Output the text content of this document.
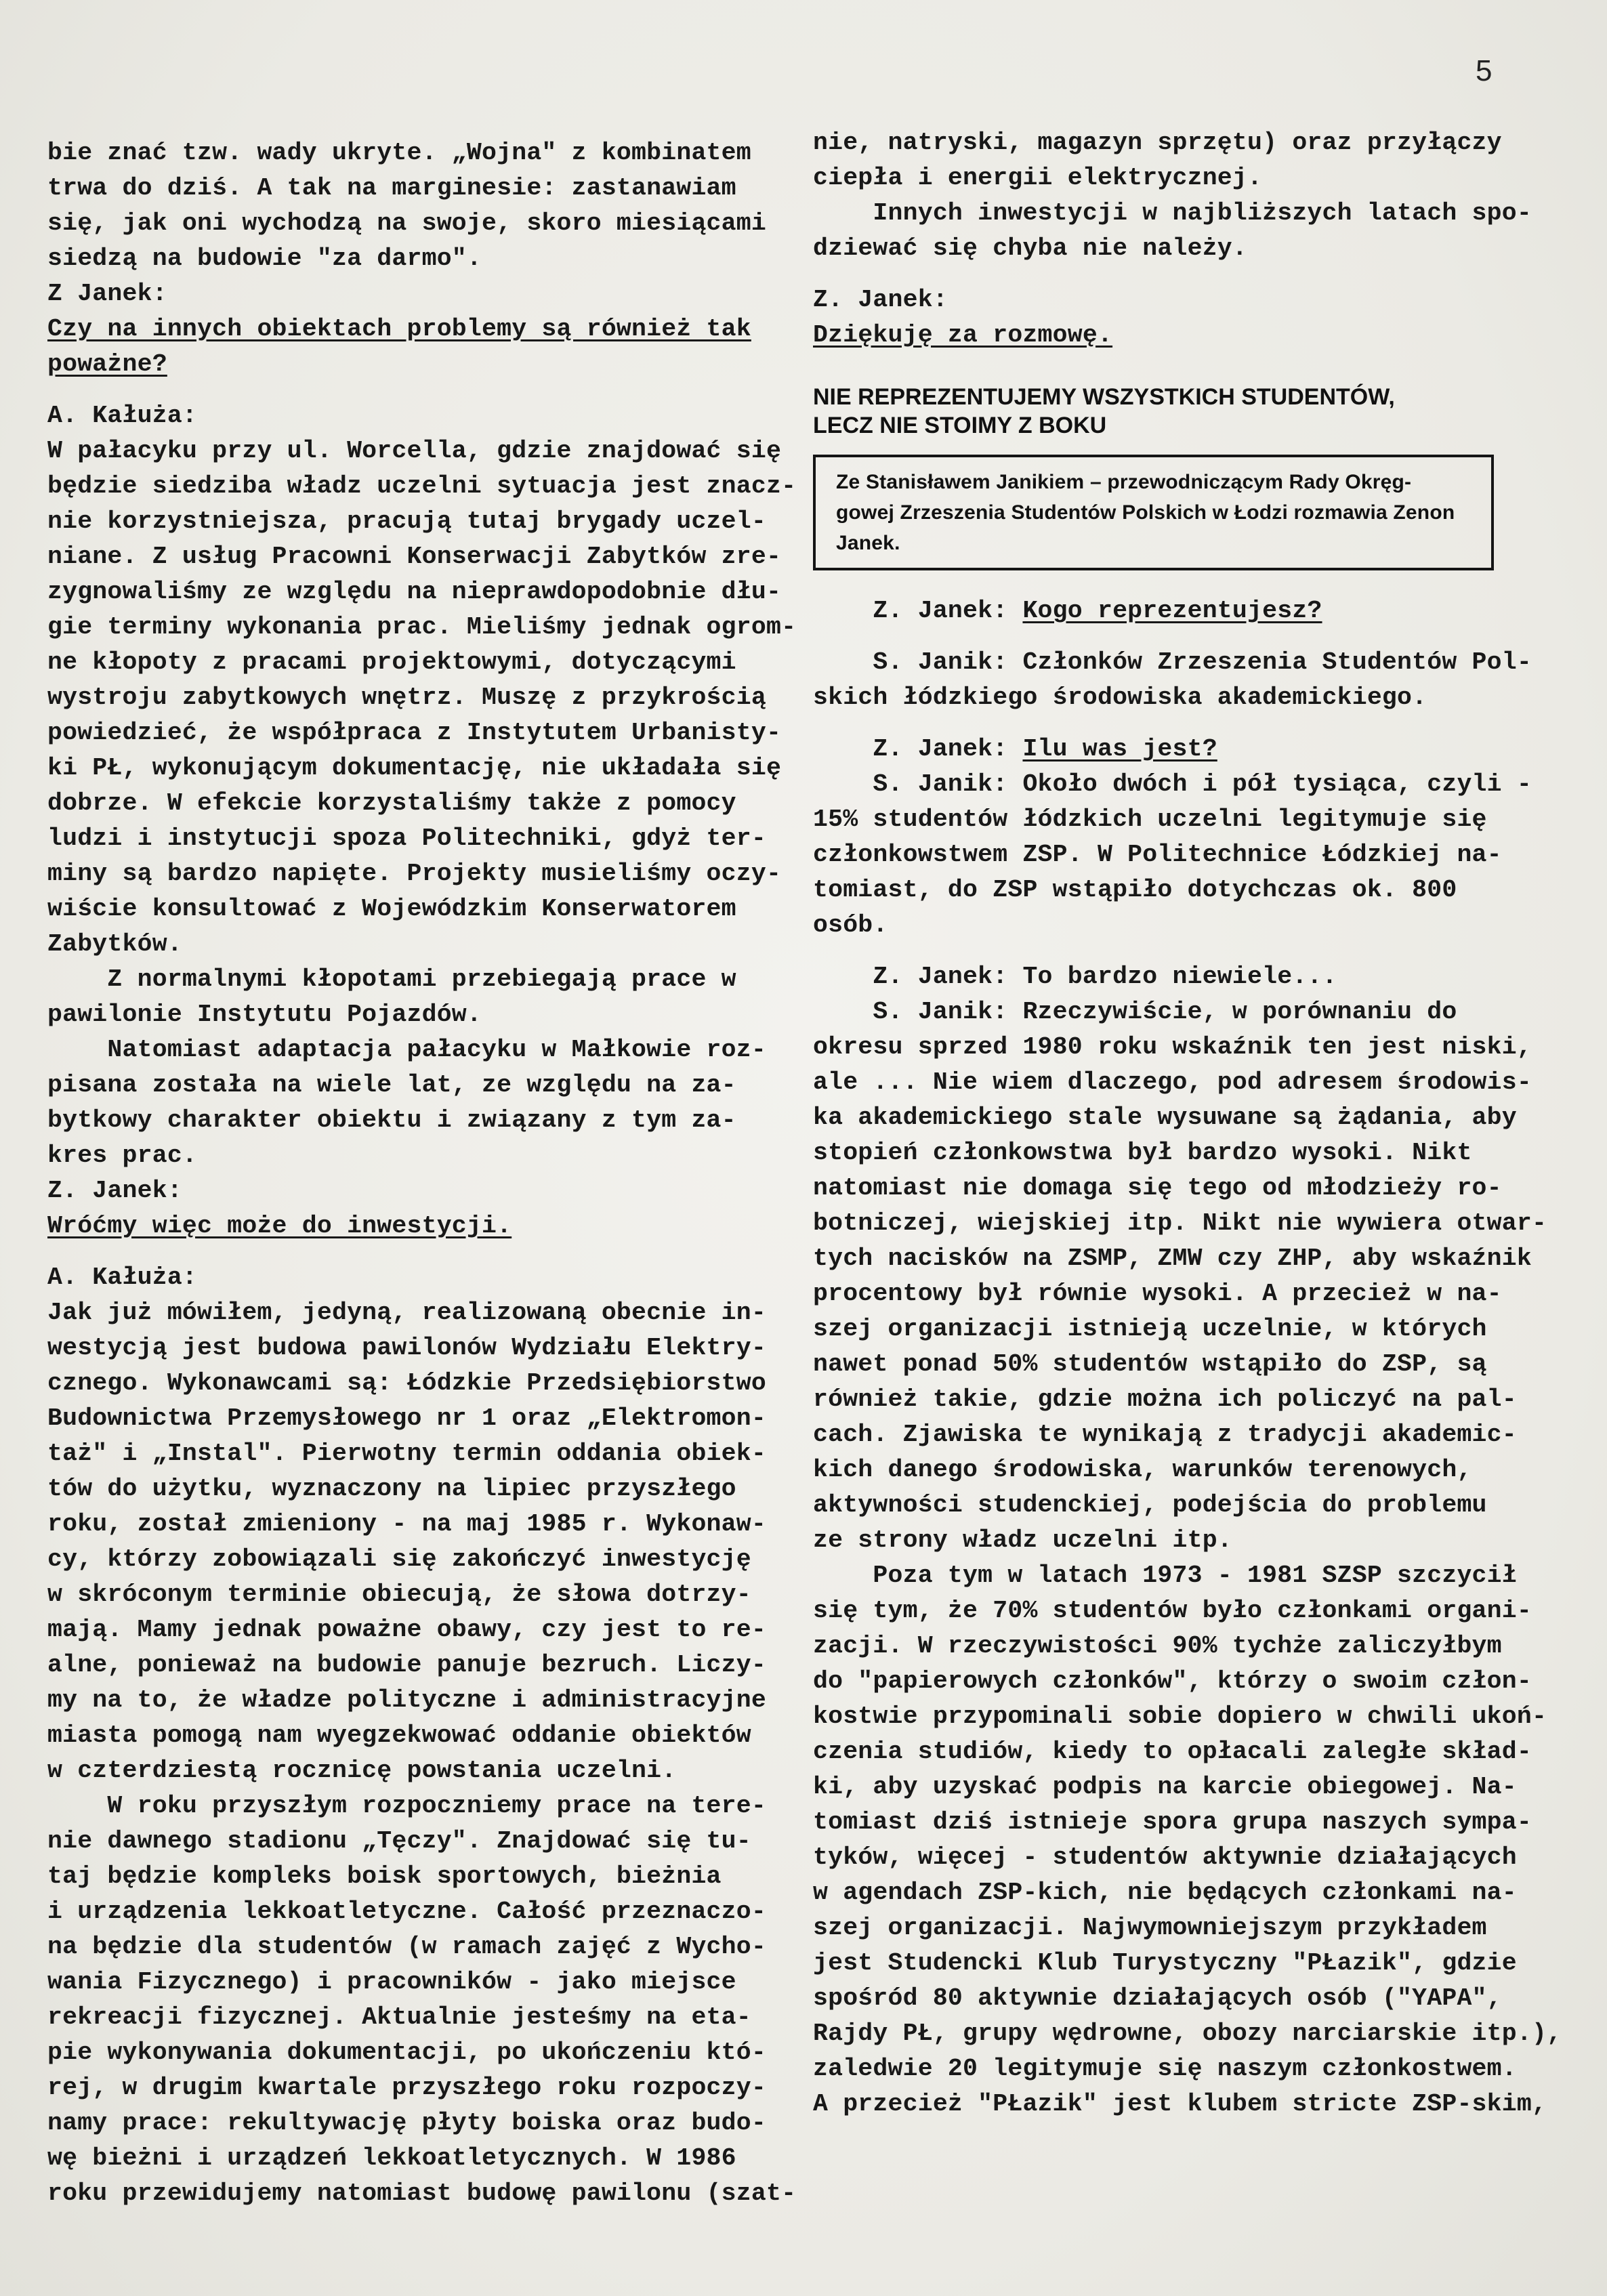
5
bie znać tzw. wady ukryte. „Wojna" z kombinatem
trwa do dziś. A tak na marginesie: zastanawiam
się, jak oni wychodzą na swoje, skoro miesiącami
siedzą na budowie "za darmo".
Z Janek:
Czy na innych obiektach problemy są również tak
poważne?
A. Kałuża:
W pałacyku przy ul. Worcella, gdzie znajdować się
będzie siedziba władz uczelni sytuacja jest znacz-
nie korzystniejsza, pracują tutaj brygady uczel-
niane. Z usług Pracowni Konserwacji Zabytków zre-
zygnowaliśmy ze względu na nieprawdopodobnie dłu-
gie terminy wykonania prac. Mieliśmy jednak ogrom-
ne kłopoty z pracami projektowymi, dotyczącymi
wystroju zabytkowych wnętrz. Muszę z przykrością
powiedzieć, że współpraca z Instytutem Urbanisty-
ki PŁ, wykonującym dokumentację, nie układała się
dobrze. W efekcie korzystaliśmy także z pomocy
ludzi i instytucji spoza Politechniki, gdyż ter-
miny są bardzo napięte. Projekty musieliśmy oczy-
wiście konsultować z Wojewódzkim Konserwatorem
Zabytków.
Z normalnymi kłopotami przebiegają prace w
pawilonie Instytutu Pojazdów.
Natomiast adaptacja pałacyku w Małkowie roz-
pisana została na wiele lat, ze względu na za-
bytkowy charakter obiektu i związany z tym za-
kres prac.
Z. Janek:
Wróćmy więc może do inwestycji.
A. Kałuża:
Jak już mówiłem, jedyną, realizowaną obecnie in-
westycją jest budowa pawilonów Wydziału Elektry-
cznego. Wykonawcami są: Łódzkie Przedsiębiorstwo
Budownictwa Przemysłowego nr 1 oraz „Elektromon-
taż" i „Instal". Pierwotny termin oddania obiek-
tów do użytku, wyznaczony na lipiec przyszłego
roku, został zmieniony - na maj 1985 r. Wykonaw-
cy, którzy zobowiązali się zakończyć inwestycję
w skróconym terminie obiecują, że słowa dotrzy-
mają. Mamy jednak poważne obawy, czy jest to re-
alne, ponieważ na budowie panuje bezruch. Liczy-
my na to, że władze polityczne i administracyjne
miasta pomogą nam wyegzekwować oddanie obiektów
w czterdziestą rocznicę powstania uczelni.
W roku przyszłym rozpoczniemy prace na tere-
nie dawnego stadionu „Tęczy". Znajdować się tu-
taj będzie kompleks boisk sportowych, bieżnia
i urządzenia lekkoatletyczne. Całość przeznaczo-
na będzie dla studentów (w ramach zajęć z Wycho-
wania Fizycznego) i pracowników - jako miejsce
rekreacji fizycznej. Aktualnie jesteśmy na eta-
pie wykonywania dokumentacji, po ukończeniu któ-
rej, w drugim kwartale przyszłego roku rozpoczy-
namy prace: rekultywację płyty boiska oraz budo-
wę bieżni i urządzeń lekkoatletycznych. W 1986
roku przewidujemy natomiast budowę pawilonu (szat-
nie, natryski, magazyn sprzętu) oraz przyłączy
ciepła i energii elektrycznej.
Innych inwestycji w najbliższych latach spo-
dziewać się chyba nie należy.
Z. Janek:
Dziękuję za rozmowę.
NIE REPREZENTUJEMY WSZYSTKICH STUDENTÓW,
LECZ NIE STOIMY Z BOKU
Ze Stanisławem Janikiem – przewodniczącym Rady Okręg-
gowej Zrzeszenia Studentów Polskich w Łodzi rozmawia Zenon
Janek.
Z. Janek: Kogo reprezentujesz?
S. Janik: Członków Zrzeszenia Studentów Pol-
skich łódzkiego środowiska akademickiego.
Z. Janek: Ilu was jest?
S. Janik: Około dwóch i pół tysiąca, czyli -
15% studentów łódzkich uczelni legitymuje się
członkowstwem ZSP. W Politechnice Łódzkiej na-
tomiast, do ZSP wstąpiło dotychczas ok. 800
osób.
Z. Janek: To bardzo niewiele...
S. Janik: Rzeczywiście, w porównaniu do
okresu sprzed 1980 roku wskaźnik ten jest niski,
ale ... Nie wiem dlaczego, pod adresem środowis-
ka akademickiego stale wysuwane są żądania, aby
stopień członkowstwa był bardzo wysoki. Nikt
natomiast nie domaga się tego od młodzieży ro-
botniczej, wiejskiej itp. Nikt nie wywiera otwar-
tych nacisków na ZSMP, ZMW czy ZHP, aby wskaźnik
procentowy był równie wysoki. A przecież w na-
szej organizacji istnieją uczelnie, w których
nawet ponad 50% studentów wstąpiło do ZSP, są
również takie, gdzie można ich policzyć na pal-
cach. Zjawiska te wynikają z tradycji akademic-
kich danego środowiska, warunków terenowych,
aktywności studenckiej, podejścia do problemu
ze strony władz uczelni itp.
Poza tym w latach 1973 - 1981 SZSP szczycił
się tym, że 70% studentów było członkami organi-
zacji. W rzeczywistości 90% tychże zaliczyłbym
do "papierowych członków", którzy o swoim człon-
kostwie przypominali sobie dopiero w chwili ukoń-
czenia studiów, kiedy to opłacali zaległe skład-
ki, aby uzyskać podpis na karcie obiegowej. Na-
tomiast dziś istnieje spora grupa naszych sympa-
tyków, więcej - studentów aktywnie działających
w agendach ZSP-kich, nie będących członkami na-
szej organizacji. Najwymowniejszym przykładem
jest Studencki Klub Turystyczny "PŁazik", gdzie
spośród 80 aktywnie działających osób ("YAPA",
Rajdy PŁ, grupy wędrowne, obozy narciarskie itp.),
zaledwie 20 legitymuje się naszym członkostwem.
A przecież "PŁazik" jest klubem stricte ZSP-skim,
